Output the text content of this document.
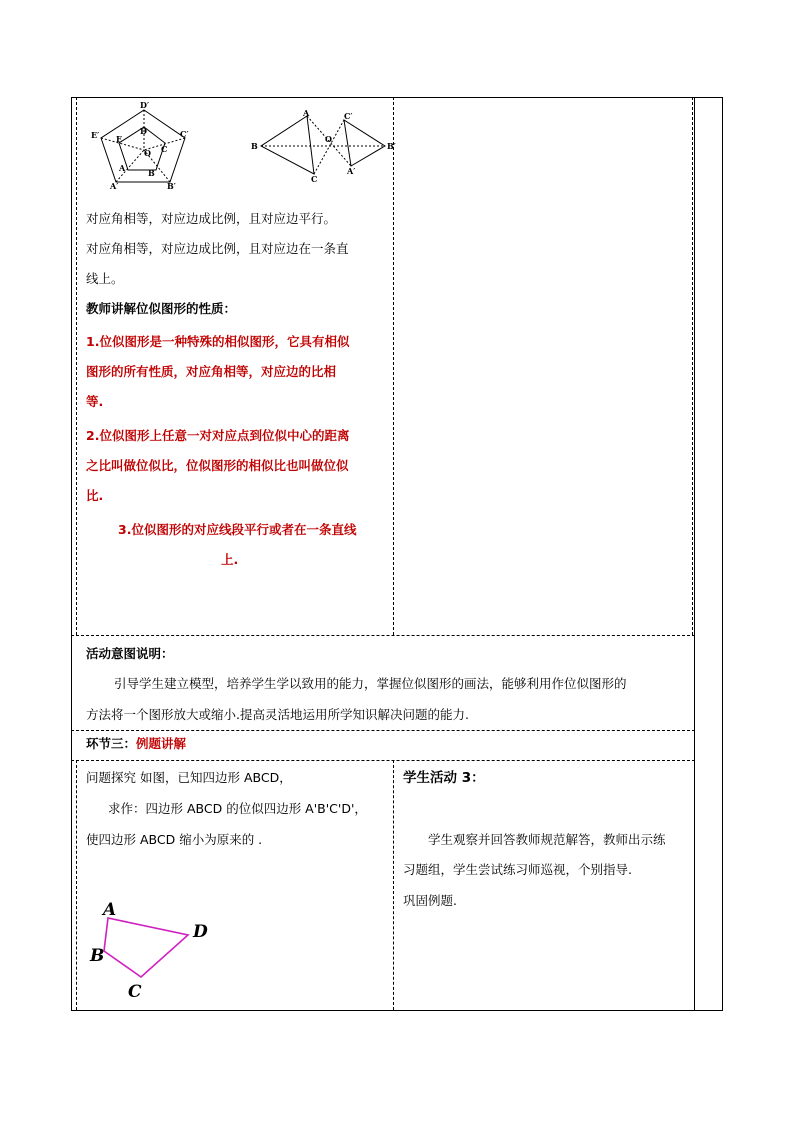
D′
E′	C′
A′	B′
E
D
C
A	B
O
A	C′
B	B′
O
C
A′
对应角相等，对应边成比例，且对应边平行。
对应角相等，对应边成比例，且对应边在一条直
线上。
教师讲解位似图形的性质：
1.位似图形是一种特殊的相似图形，它具有相似
图形的所有性质，对应角相等，对应边的比相
等.
2.位似图形上任意一对对应点到位似中心的距离
之比叫做位似比，位似图形的相似比也叫做位似
比.
3.位似图形的对应线段平行或者在一条直线
上.
活动意图说明：
引导学生建立模型，培养学生学以致用的能力，掌握位似图形的画法，能够利用作位似图形的
方法将一个图形放大或缩小.提高灵活地运用所学知识解决问题的能力.
环节三：例题讲解
问题探究 如图，已知四边形 ABCD，
求作：四边形 ABCD 的位似四边形 A'B'C'D'，
使四边形 ABCD 缩小为原来的 .
A
B
C
D
学生活动 3：
学生观察并回答教师规范解答，教师出示练
习题组，学生尝试练习师巡视，个别指导.
巩固例题.
